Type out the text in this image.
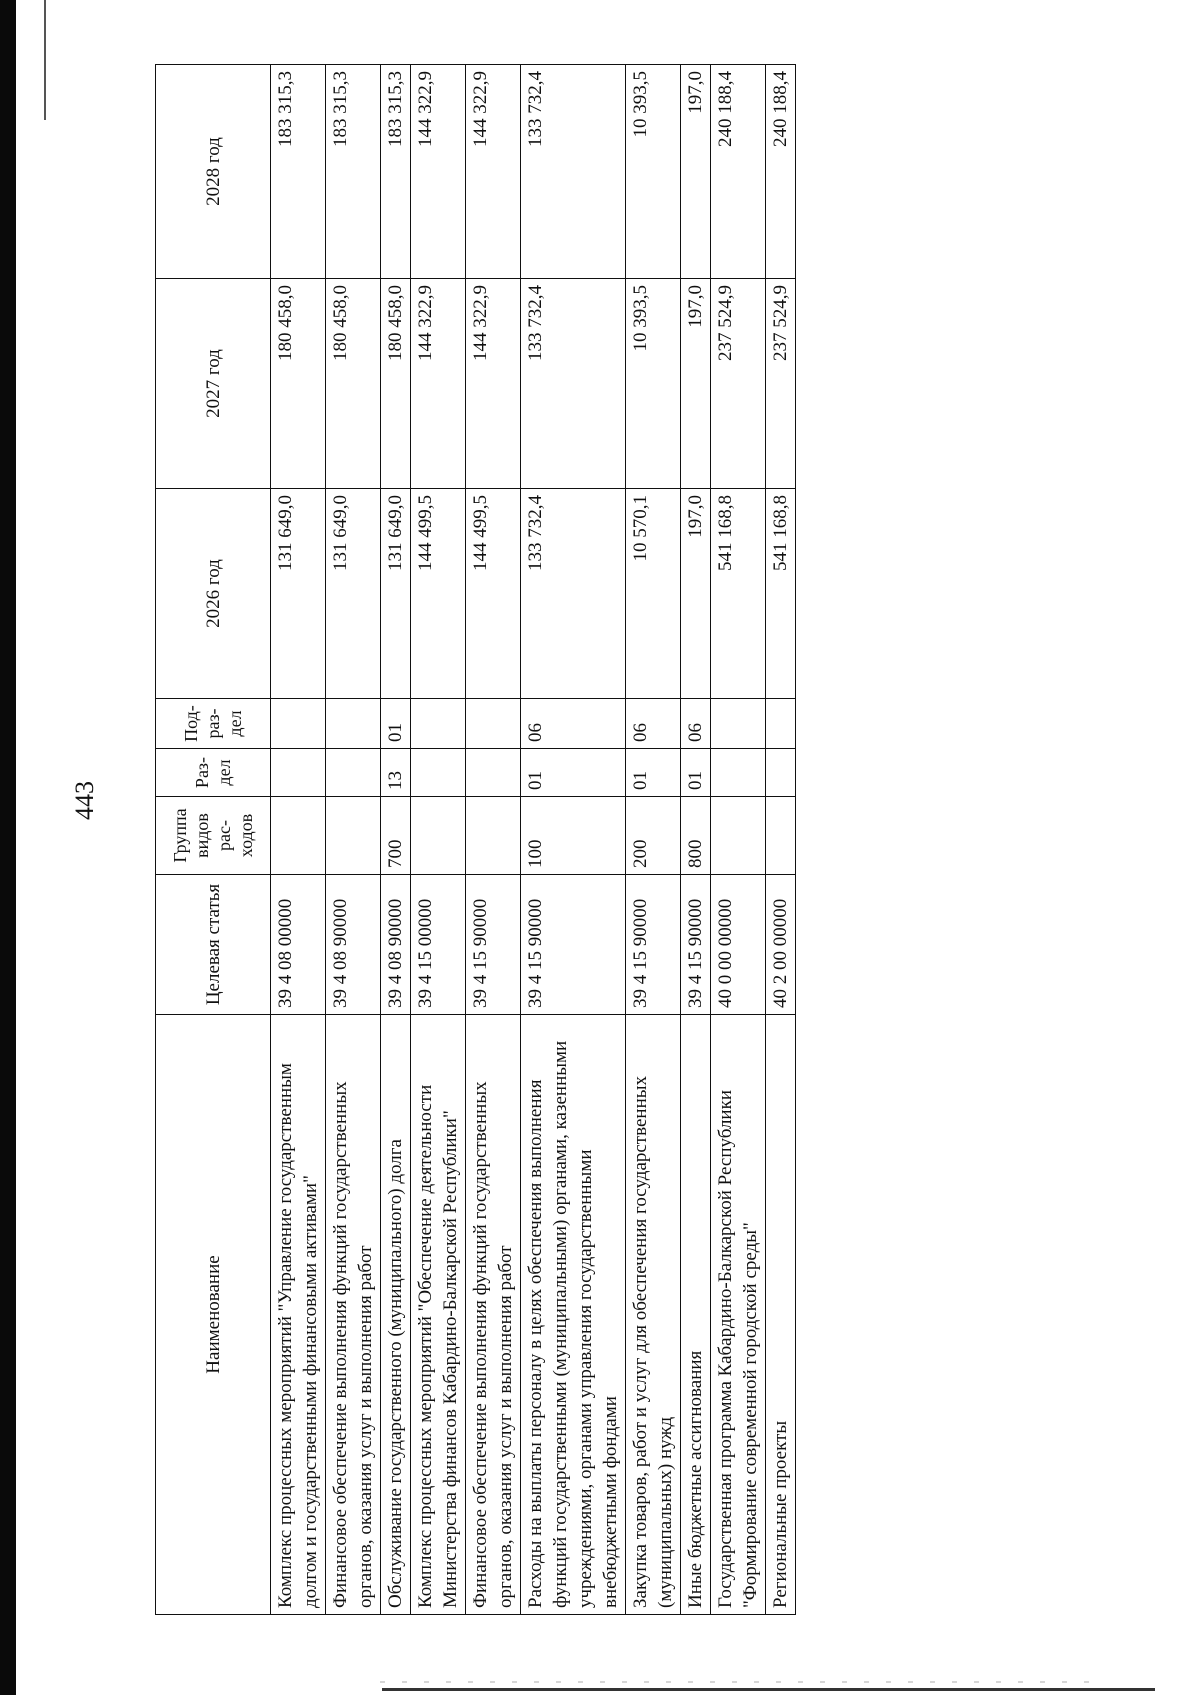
443
Наименование	Целевая статья	Группа видов рас- ходов	Раз- дел	Под- раз- дел	2026 год	2027 год	2028 год
Комплекс процессных мероприятий "Управление государственным долгом и государственными финансовыми активами"	39 4 08 00000				131 649,0	180 458,0	183 315,3
Финансовое обеспечение выполнения функций государственных органов, оказания услуг и выполнения работ	39 4 08 90000				131 649,0	180 458,0	183 315,3
Обслуживание государственного (муниципального) долга	39 4 08 90000	700	13	01	131 649,0	180 458,0	183 315,3
Комплекс процессных мероприятий "Обеспечение деятельности Министерства финансов Кабардино-Балкарской Республики"	39 4 15 00000				144 499,5	144 322,9	144 322,9
Финансовое обеспечение выполнения функций государственных органов, оказания услуг и выполнения работ	39 4 15 90000				144 499,5	144 322,9	144 322,9
Расходы на выплаты персоналу в целях обеспечения выполнения функций государственными (муниципальными) органами, казенными учреждениями, органами управления государственными внебюджетными фондами	39 4 15 90000	100	01	06	133 732,4	133 732,4	133 732,4
Закупка товаров, работ и услуг для обеспечения государственных (муниципальных) нужд	39 4 15 90000	200	01	06	10 570,1	10 393,5	10 393,5
Иные бюджетные ассигнования	39 4 15 90000	800	01	06	197,0	197,0	197,0
Государственная программа Кабардино-Балкарской Республики "Формирование современной городской среды"	40 0 00 00000				541 168,8	237 524,9	240 188,4
Региональные проекты	40 2 00 00000				541 168,8	237 524,9	240 188,4
